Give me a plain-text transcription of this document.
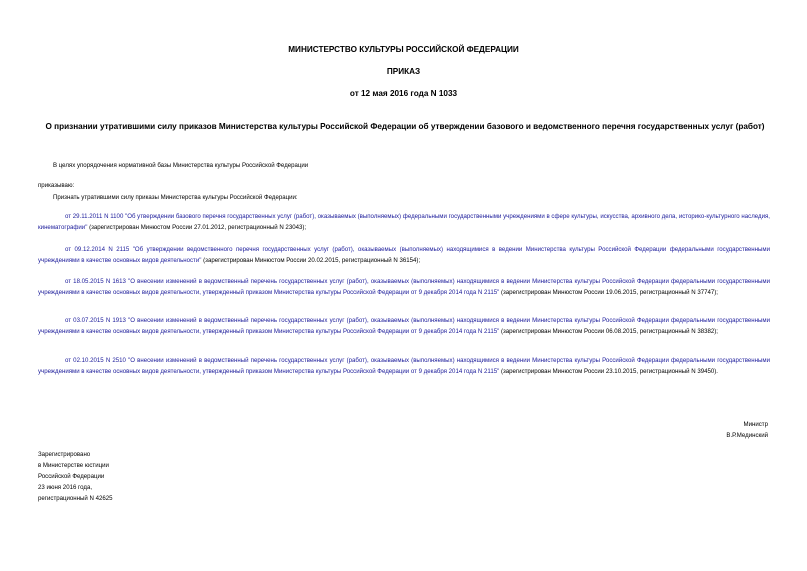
МИНИСТЕРСТВО КУЛЬТУРЫ РОССИЙСКОЙ ФЕДЕРАЦИИ
ПРИКАЗ
от 12 мая 2016 года N 1033
О признании утратившими силу приказов Министерства культуры Российской Федерации об утверждении базового и ведомственного перечня государственных услуг (работ)
В целях упорядочения нормативной базы Министерства культуры Российской Федерации
приказываю:
Признать утратившими силу приказы Министерства культуры Российской Федерации:
от 29.11.2011 N 1100 "Об утверждении базового перечня государственных услуг (работ), оказываемых (выполняемых) федеральными государственными учреждениями в сфере культуры, искусства, архивного дела, историко-культурного наследия, кинематографии" (зарегистрирован Минюстом России 27.01.2012, регистрационный N 23043);
от 09.12.2014 N 2115 "Об утверждении ведомственного перечня государственных услуг (работ), оказываемых (выполняемых) находящимися в ведении Министерства культуры Российской Федерации федеральными государственными учреждениями в качестве основных видов деятельности" (зарегистрирован Минюстом России 20.02.2015, регистрационный N 36154);
от 18.05.2015 N 1613 "О внесении изменений в ведомственный перечень государственных услуг (работ), оказываемых (выполняемых) находящимися в ведении Министерства культуры Российской Федерации федеральными государственными учреждениями в качестве основных видов деятельности, утвержденный приказом Министерства культуры Российской Федерации от 9 декабря 2014 года N 2115" (зарегистрирован Минюстом России 19.06.2015, регистрационный N 37747);
от 03.07.2015 N 1913 "О внесении изменений в ведомственный перечень государственных услуг (работ), оказываемых (выполняемых) находящимися в ведении Министерства культуры Российской Федерации федеральными государственными учреждениями в качестве основных видов деятельности, утвержденный приказом Министерства культуры Российской Федерации от 9 декабря 2014 года N 2115" (зарегистрирован Минюстом России 06.08.2015, регистрационный N 38382);
от 02.10.2015 N 2510 "О внесении изменений в ведомственный перечень государственных услуг (работ), оказываемых (выполняемых) находящимися в ведении Министерства культуры Российской Федерации федеральными государственными учреждениями в качестве основных видов деятельности, утвержденный приказом Министерства культуры Российской Федерации от 9 декабря 2014 года N 2115" (зарегистрирован Минюстом России 23.10.2015, регистрационный N 39450).
Министр
В.Р.Мединский
Зарегистрировано
в Министерстве юстиции
Российской Федерации
23 июня 2016 года,
регистрационный N 42625
